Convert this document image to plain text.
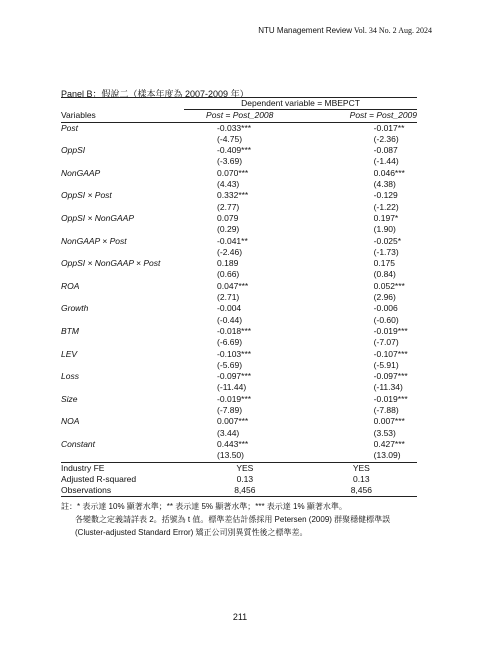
NTU Management Review Vol. 34 No. 2 Aug. 2024
Panel B：假說二（樣本年度為 2007-2009 年）
	Dependent variable = MBEPCT	
Variables	Post = Post_2008	Post = Post_2009
Post	-0.033***	-0.017**
	(-4.75)	(-2.36)
OppSI	-0.409***	-0.087
	(-3.69)	(-1.44)
NonGAAP	0.070***	0.046***
	(4.43)	(4.38)
OppSI × Post	0.332***	-0.129
	(2.77)	(-1.22)
OppSI × NonGAAP	0.079	0.197*
	(0.29)	(1.90)
NonGAAP × Post	-0.041**	-0.025*
	(-2.46)	(-1.73)
OppSI × NonGAAP × Post	0.189	0.175
	(0.66)	(0.84)
ROA	0.047***	0.052***
	(2.71)	(2.96)
Growth	-0.004	-0.006
	(-0.44)	(-0.60)
BTM	-0.018***	-0.019***
	(-6.69)	(-7.07)
LEV	-0.103***	-0.107***
	(-5.69)	(-5.91)
Loss	-0.097***	-0.097***
	(-11.44)	(-11.34)
Size	-0.019***	-0.019***
	(-7.89)	(-7.88)
NOA	0.007***	0.007***
	(3.44)	(3.53)
Constant	0.443***	0.427***
	(13.50)	(13.09)
Industry FE	YES	YES
Adjusted R-squared	0.13	0.13
Observations	8,456	8,456
註：* 表示達 10% 顯著水準；** 表示達 5% 顯著水準；*** 表示達 1% 顯著水準。
各變數之定義請詳表 2。括號為 t 值。標準差估計係採用 Petersen (2009) 群聚穩健標準誤
(Cluster-adjusted Standard Error) 矯正公司別異質性後之標準差。
211
